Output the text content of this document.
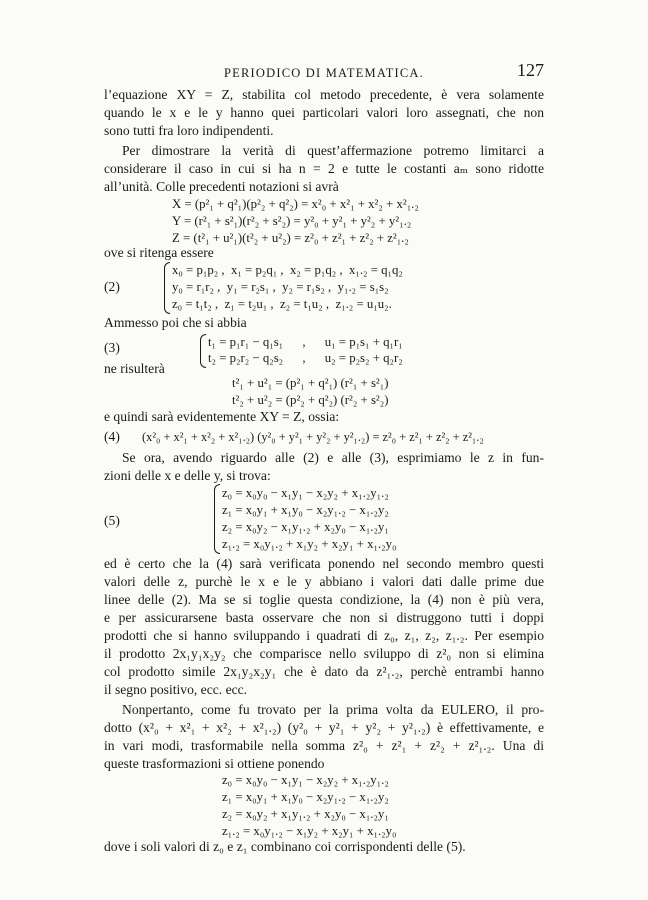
PERIODICO DI MATEMATICA.	127
l’equazione XY = Z, stabilita col metodo precedente, è vera solamente
quando le x e le y hanno quei particolari valori loro assegnati, che non
sono tutti fra loro indipendenti.
Per dimostrare la verità di quest’affermazione potremo limitarci a
considerare il caso in cui si ha n = 2 e tutte le costanti aₘ sono ridotte
all’unità. Colle precedenti notazioni si avrà
X = (p²₁ + q²₁)(p²₂ + q²₂) = x²₀ + x²₁ + x²₂ + x²₁.₂
Y = (r²₁ + s²₁)(r²₂ + s²₂) = y²₀ + y²₁ + y²₂ + y²₁.₂
Z = (t²₁ + u²₁)(t²₂ + u²₂) = z²₀ + z²₁ + z²₂ + z²₁.₂
ove si ritenga essere
(2)
x₀ = p₁p₂ ,  x₁ = p₂q₁ ,  x₂ = p₁q₂ ,  x₁.₂ = q₁q₂
y₀ = r₁r₂ ,  y₁ = r₂s₁ ,  y₂ = r₁s₂ ,  y₁.₂ = s₁s₂
z₀ = t₁t₂ ,  z₁ = t₂u₁ ,  z₂ = t₁u₂ ,  z₁.₂ = u₁u₂.
Ammesso poi che si abbia
(3)	t₁ = p₁r₁ − q₁s₁      ,      u₁ = p₁s₁ + q₁r₁
t₂ = p₂r₂ − q₂s₂      ,      u₂ = p₂s₂ + q₂r₂
ne risulterà
t²₁ + u²₁ = (p²₁ + q²₁) (r²₁ + s²₁)
t²₂ + u²₂ = (p²₂ + q²₂) (r²₂ + s²₂)
e quindi sarà evidentemente XY = Z, ossia:
(4) (x²₀ + x²₁ + x²₂ + x²₁.₂) (y²₀ + y²₁ + y²₂ + y²₁.₂) = z²₀ + z²₁ + z²₂ + z²₁.₂
Se ora, avendo riguardo alle (2) e alle (3), esprimiamo le z in fun-
zioni delle x e delle y, si trova:
(5)
z₀ = x₀y₀ − x₁y₁ − x₂y₂ + x₁.₂y₁.₂
z₁ = x₀y₁ + x₁y₀ − x₂y₁.₂ − x₁.₂y₂
z₂ = x₀y₂ − x₁y₁.₂ + x₂y₀ − x₁.₂y₁
z₁.₂ = x₀y₁.₂ + x₁y₂ + x₂y₁ + x₁.₂y₀
ed è certo che la (4) sarà verificata ponendo nel secondo membro questi
valori delle z, purchè le x e le y abbiano i valori dati dalle prime due
linee delle (2). Ma se si toglie questa condizione, la (4) non è più vera,
e per assicurarsene basta osservare che non si distruggono tutti i doppi
prodotti che si hanno sviluppando i quadrati di z₀, z₁, z₂, z₁.₂. Per esempio
il prodotto 2x₁y₁x₂y₂ che comparisce nello sviluppo di z²₀ non si elimina
col prodotto simile 2x₁y₂x₂y₁ che è dato da z²₁.₂, perchè entrambi hanno
il segno positivo, ecc. ecc.
Nonpertanto, come fu trovato per la prima volta da EULERO, il pro-
dotto (x²₀ + x²₁ + x²₂ + x²₁.₂) (y²₀ + y²₁ + y²₂ + y²₁.₂) è effettivamente, e
in vari modi, trasformabile nella somma z²₀ + z²₁ + z²₂ + z²₁.₂. Una di
queste trasformazioni si ottiene ponendo
z₀ = x₀y₀ − x₁y₁ − x₂y₂ + x₁.₂y₁.₂
z₁ = x₀y₁ + x₁y₀ − x₂y₁.₂ − x₁.₂y₂
z₂ = x₀y₂ + x₁y₁.₂ + x₂y₀ − x₁.₂y₁
z₁.₂ = x₀y₁.₂ − x₁y₂ + x₂y₁ + x₁.₂y₀
dove i soli valori di z₀ e z₁ combinano coi corrispondenti delle (5).
